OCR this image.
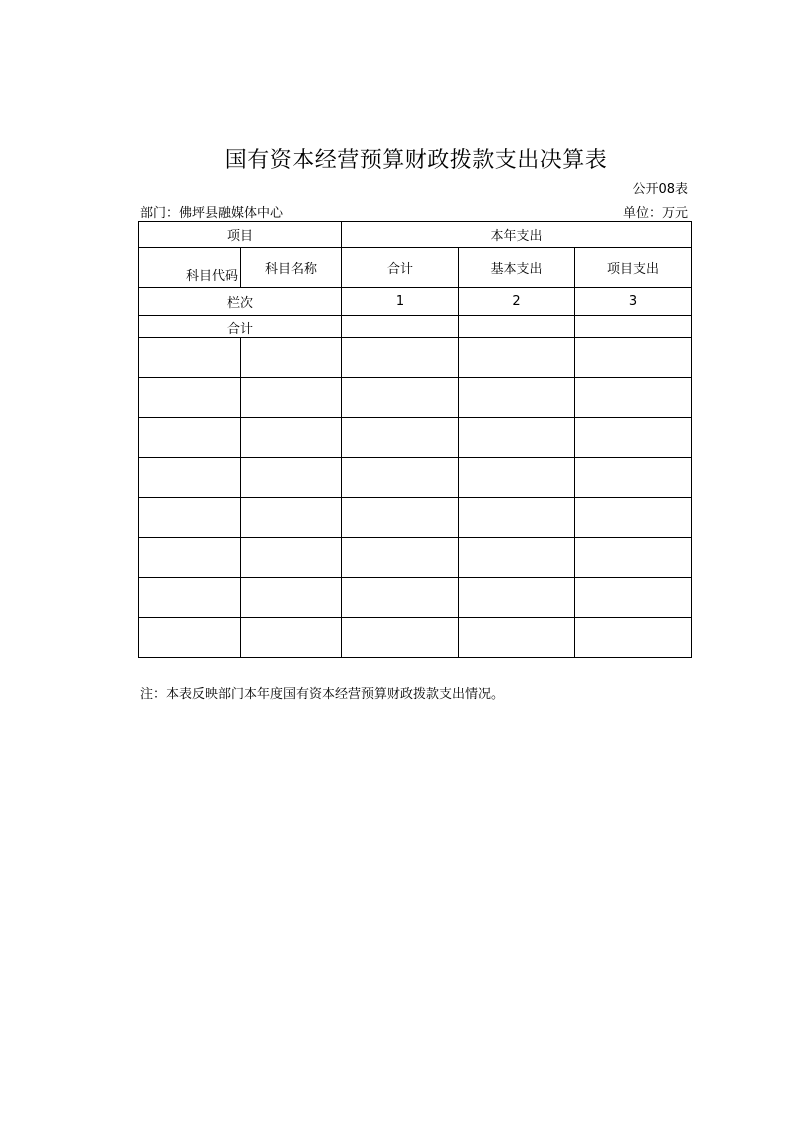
国有资本经营预算财政拨款支出决算表
公开08表
部门：佛坪县融媒体中心	单位：万元
项目		本年支出		
科目代码	科目名称	合计	基本支出	项目支出
栏次		1	2	3
合计				

注：本表反映部门本年度国有资本经营预算财政拨款支出情况。
